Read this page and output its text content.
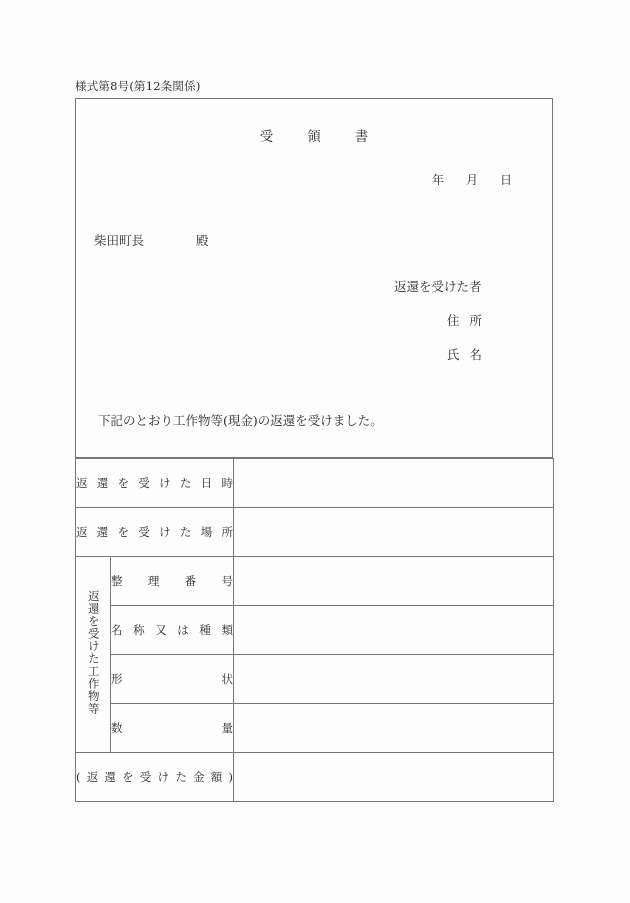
様式第8号(第12条関係)
受領書
年月日
柴田町長	殿
返還を受けた者
住所
氏名
下記のとおり工作物等(現金)の返還を受けました。
返還を受けた日時		
返還を受けた場所		
返還を受けた工作物等	整理番号	
	名称又は種類	
	形状	
	数量	
(返還を受けた金額)		
